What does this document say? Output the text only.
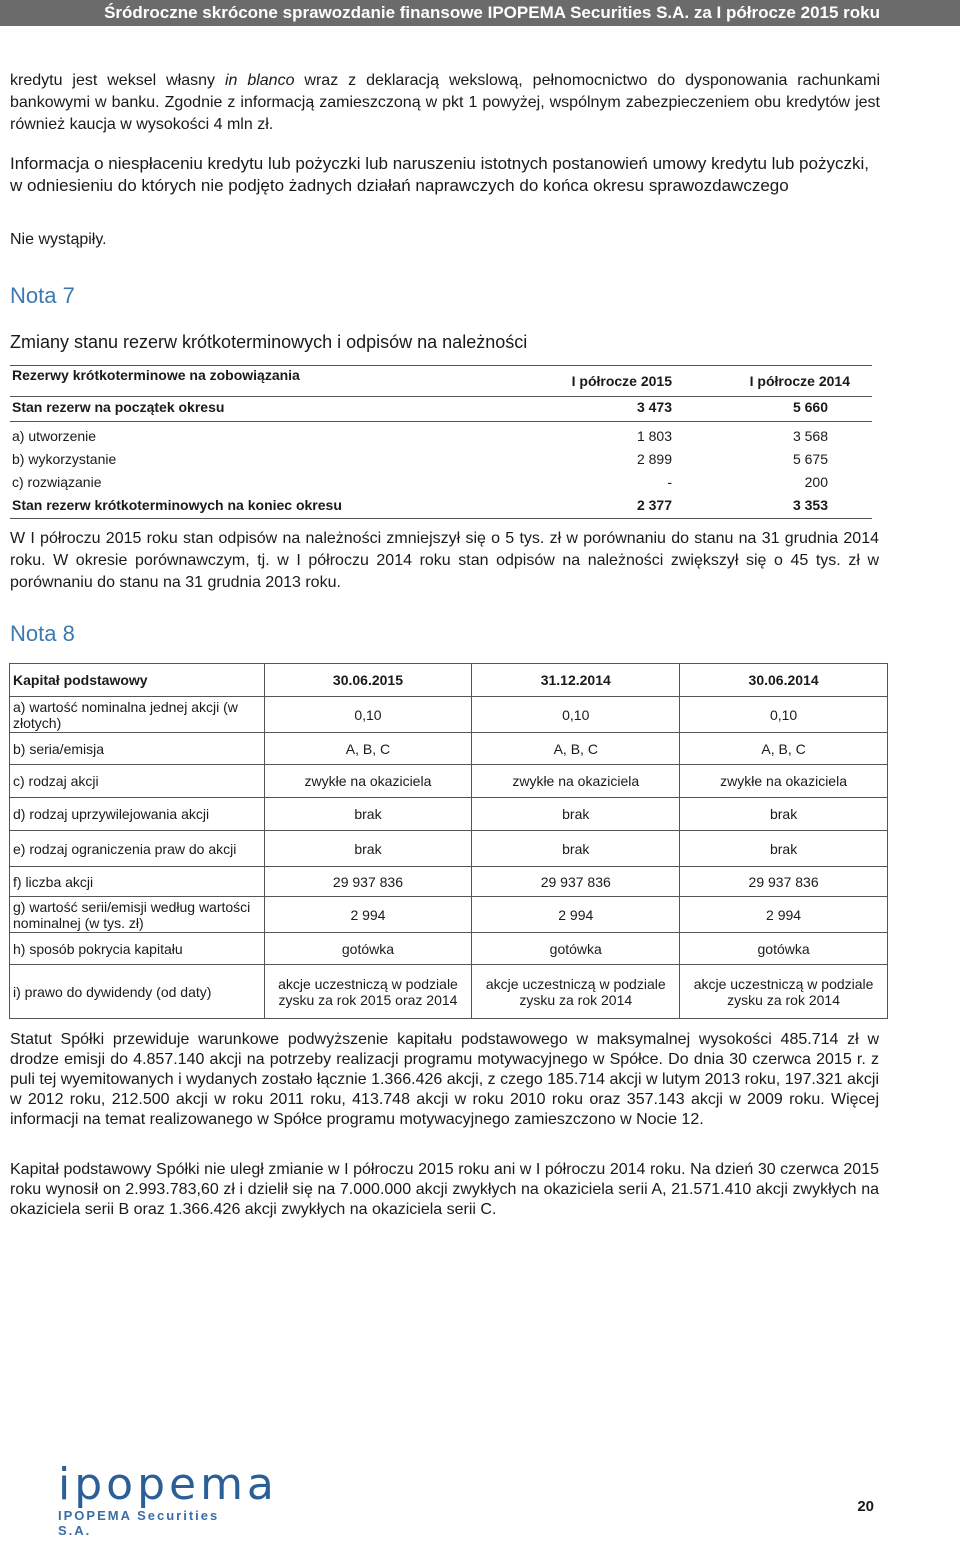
Śródroczne skrócone sprawozdanie finansowe IPOPEMA Securities S.A. za I półrocze 2015 roku
kredytu jest weksel własny in blanco wraz z deklaracją wekslową, pełnomocnictwo do dysponowania rachunkami bankowymi w banku. Zgodnie z informacją zamieszczoną w pkt 1 powyżej, wspólnym zabezpieczeniem obu kredytów jest również kaucja w wysokości 4 mln zł.
Informacja o niespłaceniu kredytu lub pożyczki lub naruszeniu istotnych postanowień umowy kredytu lub pożyczki, w odniesieniu do których nie podjęto żadnych działań naprawczych do końca okresu sprawozdawczego
Nie wystąpiły.
Nota 7
Zmiany stanu rezerw krótkoterminowych i odpisów na należności
Rezerwy krótkoterminowe na zobowiązania	I półrocze 2015	I półrocze 2014
Stan rezerw na początek okresu	3 473	5 660
a) utworzenie	1 803	3 568
b) wykorzystanie	2 899	5 675
c) rozwiązanie	-	200
Stan rezerw krótkoterminowych na koniec okresu	2 377	3 353
W I półroczu 2015 roku stan odpisów na należności zmniejszył się o 5 tys. zł w porównaniu do stanu na 31 grudnia 2014 roku. W okresie porównawczym, tj. w I półroczu 2014 roku stan odpisów na należności zwiększył się o 45 tys. zł w porównaniu do stanu na 31 grudnia 2013 roku.
Nota 8
Kapitał podstawowy	30.06.2015	31.12.2014	30.06.2014
a) wartość nominalna jednej akcji (w złotych)	0,10	0,10	0,10
b) seria/emisja	A, B, C	A, B, C	A, B, C
c) rodzaj akcji	zwykłe na okaziciela	zwykłe na okaziciela	zwykłe na okaziciela
d) rodzaj uprzywilejowania akcji	brak	brak	brak
e) rodzaj ograniczenia praw do akcji	brak	brak	brak
f) liczba akcji	29 937 836	29 937 836	29 937 836
g) wartość serii/emisji według wartości nominalnej (w tys. zł)	2 994	2 994	2 994
h) sposób pokrycia kapitału	gotówka	gotówka	gotówka
i) prawo do dywidendy (od daty)	akcje uczestniczą w podziale zysku za rok 2015 oraz 2014	akcje uczestniczą w podziale zysku za rok 2014	akcje uczestniczą w podziale zysku za rok 2014
Statut Spółki przewiduje warunkowe podwyższenie kapitału podstawowego w maksymalnej wysokości 485.714 zł w drodze emisji do 4.857.140 akcji na potrzeby realizacji programu motywacyjnego w Spółce. Do dnia 30 czerwca 2015 r. z puli tej wyemitowanych i wydanych zostało łącznie 1.366.426 akcji, z czego 185.714 akcji w lutym 2013 roku, 197.321 akcji w 2012 roku, 212.500 akcji w roku 2011 roku, 413.748 akcji w roku 2010 roku oraz 357.143 akcji w 2009 roku. Więcej informacji na temat realizowanego w Spółce programu motywacyjnego zamieszczono w Nocie 12.
Kapitał podstawowy Spółki nie uległ zmianie w I półroczu 2015 roku ani w I półroczu 2014 roku. Na dzień 30 czerwca 2015 roku wynosił on 2.993.783,60 zł i dzielił się na 7.000.000 akcji zwykłych na okaziciela serii A, 21.571.410 akcji zwykłych na okaziciela serii B oraz 1.366.426 akcji zwykłych na okaziciela serii C.
ipopema
IPOPEMA Securities S.A.
20
